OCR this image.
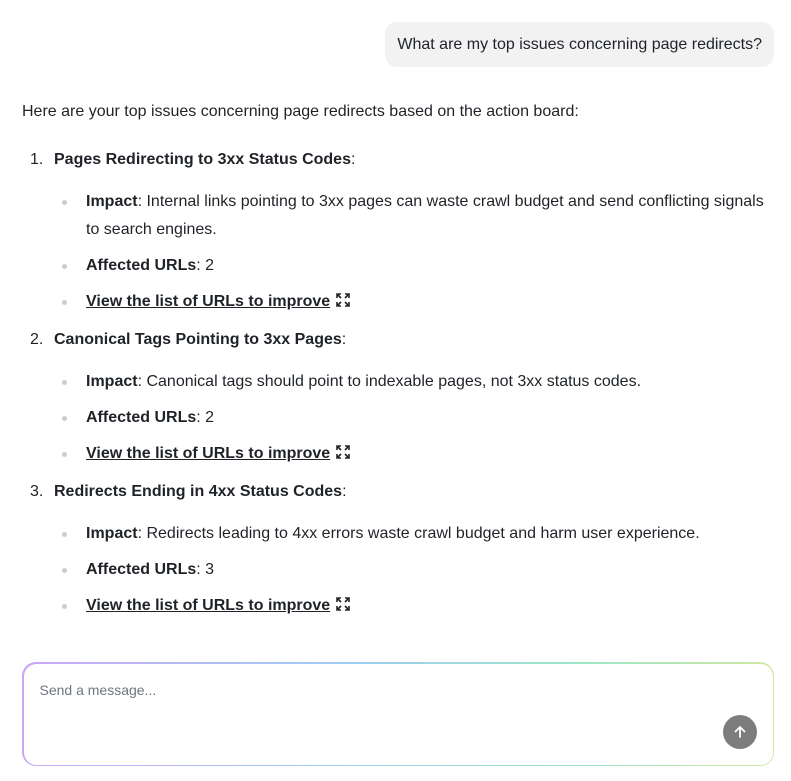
What are my top issues concerning page redirects?
Here are your top issues concerning page redirects based on the action board:
1. Pages Redirecting to 3xx Status Codes:
Impact: Internal links pointing to 3xx pages can waste crawl budget and send conflicting signals to search engines.
Affected URLs: 2
View the list of URLs to improve
2. Canonical Tags Pointing to 3xx Pages:
Impact: Canonical tags should point to indexable pages, not 3xx status codes.
Affected URLs: 2
View the list of URLs to improve
3. Redirects Ending in 4xx Status Codes:
Impact: Redirects leading to 4xx errors waste crawl budget and harm user experience.
Affected URLs: 3
View the list of URLs to improve
Send a message...
